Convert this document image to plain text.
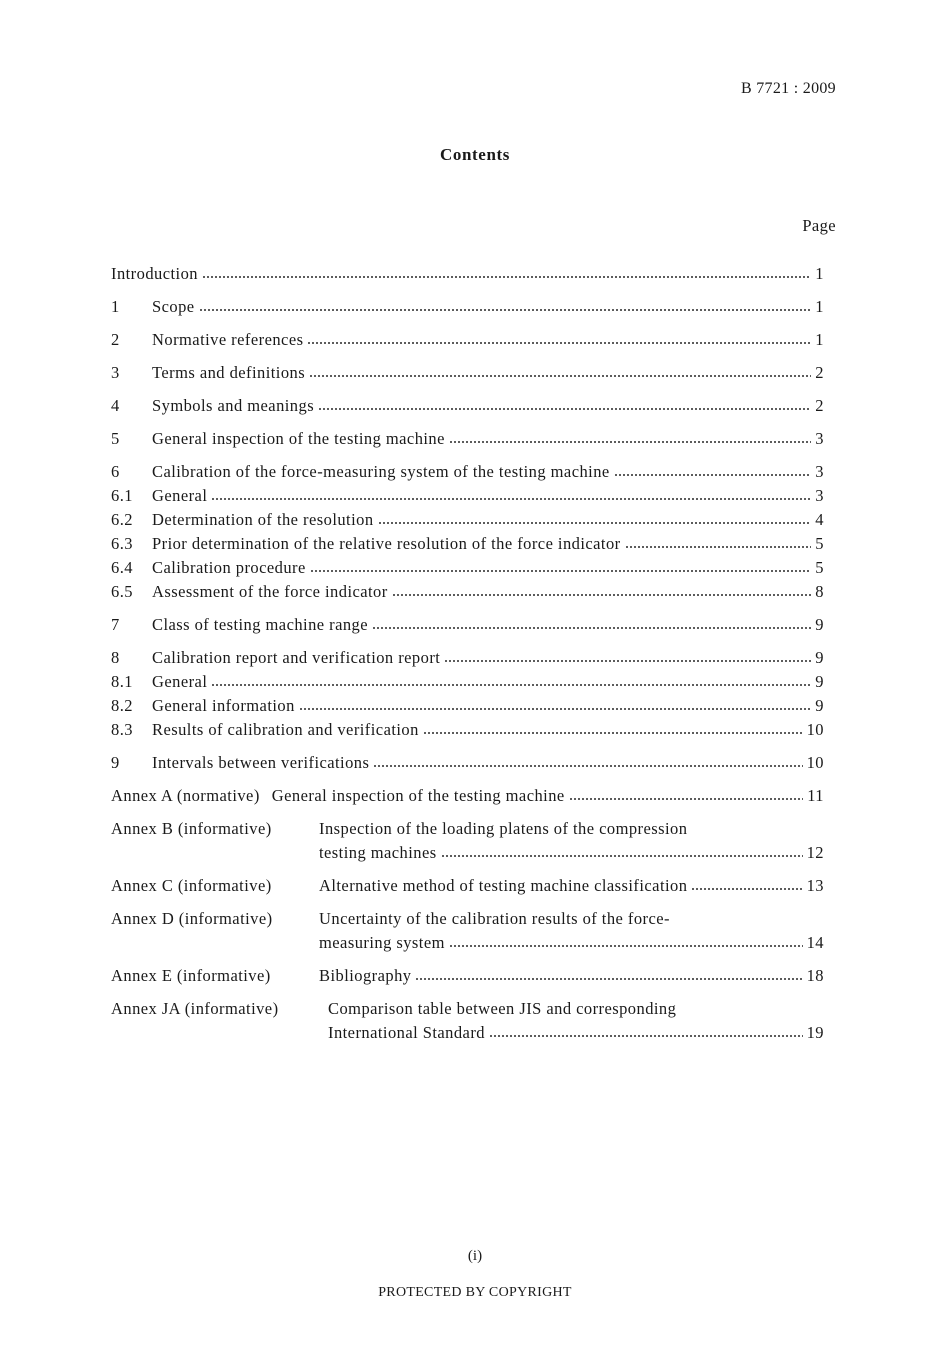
B 7721 : 2009
Contents
Page
Introduction	1
1	Scope	1
2	Normative references	1
3	Terms and definitions	2
4	Symbols and meanings	2
5	General inspection of the testing machine	3
6	Calibration of the force-measuring system of the testing machine	3
6.1	General	3
6.2	Determination of the resolution	4
6.3	Prior determination of the relative resolution of the force indicator	5
6.4	Calibration procedure	5
6.5	Assessment of the force indicator	8
7	Class of testing machine range	9
8	Calibration report and verification report	9
8.1	General	9
8.2	General information	9
8.3	Results of calibration and verification	10
9	Intervals between verifications	10
Annex A (normative) General inspection of the testing machine	11
Annex B (informative)	Inspection of the loading platens of the compression
testing machines	12
Annex C (informative)	Alternative method of testing machine classification	13
Annex D (informative)	Uncertainty of the calibration results of the force-
measuring system	14
Annex E (informative)	Bibliography	18
Annex JA (informative)	Comparison table between JIS and corresponding
International Standard	19
(i)
PROTECTED BY COPYRIGHT
